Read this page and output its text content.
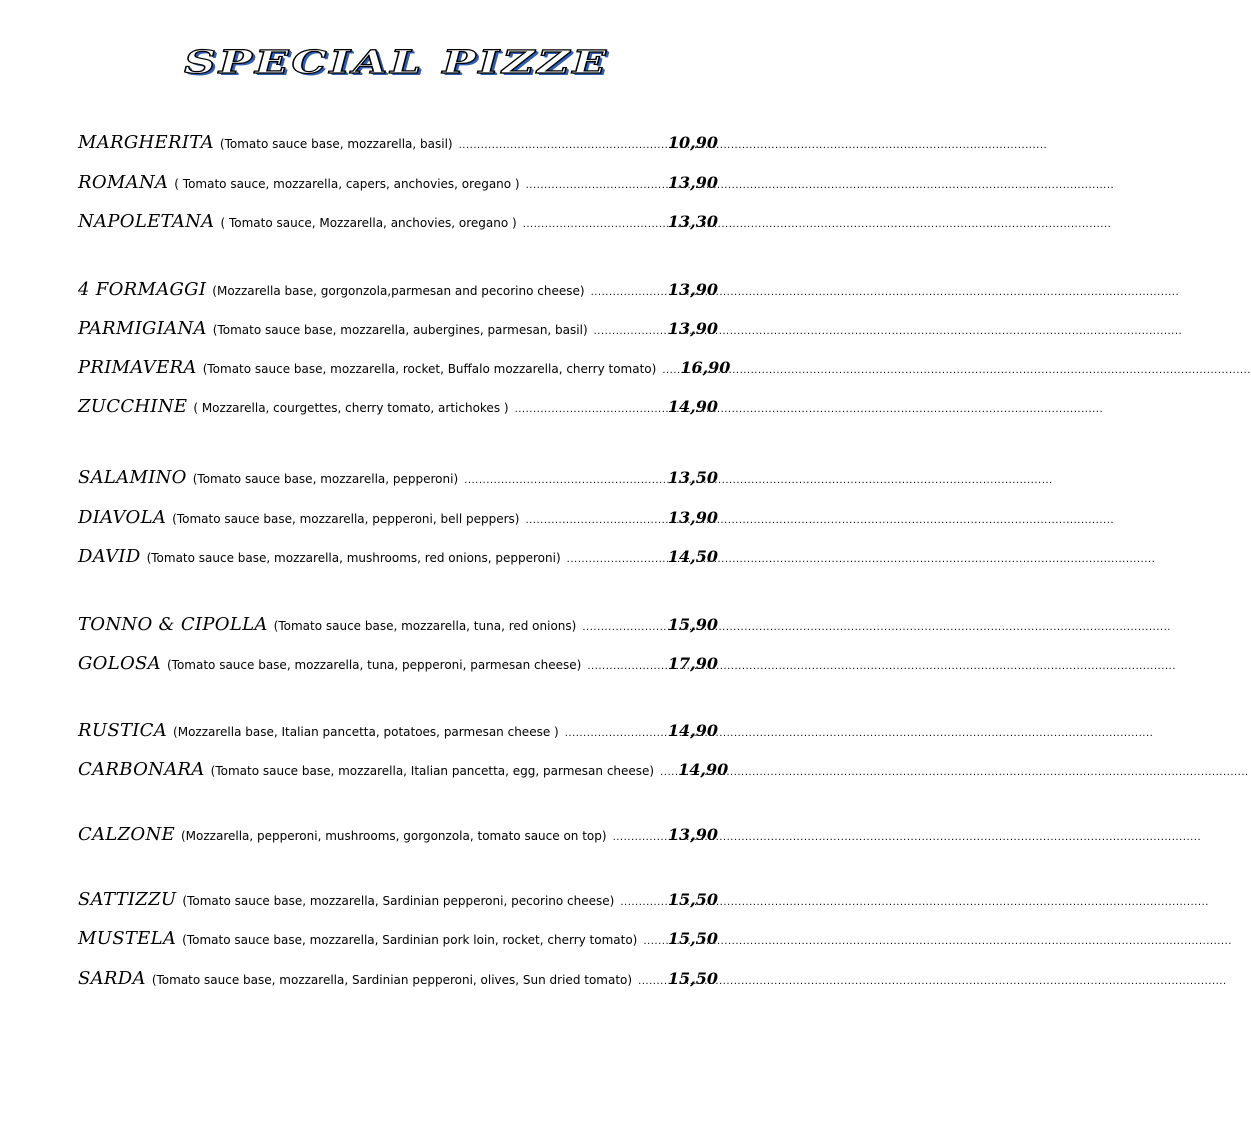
SPECIAL PIZZE
MARGHERITA (Tomato sauce base, mozzarella, basil) .....	10,90
ROMANA ( Tomato sauce, mozzarella, capers, anchovies, oregano ) .....	13,90
NAPOLETANA ( Tomato sauce, Mozzarella, anchovies, oregano ) .....	13,30
4 FORMAGGI (Mozzarella base, gorgonzola,parmesan and pecorino cheese) .....	13,90
PARMIGIANA (Tomato sauce base, mozzarella, aubergines, parmesan, basil) .....	13,90
PRIMAVERA (Tomato sauce base, mozzarella, rocket, Buffalo mozzarella, cherry tomato) ..... 16,90
ZUCCHINE ( Mozzarella, courgettes, cherry tomato, artichokes ) .....	14,90
SALAMINO (Tomato sauce base, mozzarella, pepperoni) .....	13,50
DIAVOLA (Tomato sauce base, mozzarella, pepperoni, bell peppers) .....	13,90
DAVID (Tomato sauce base, mozzarella, mushrooms, red onions, pepperoni) .....	14,50
TONNO & CIPOLLA (Tomato sauce base, mozzarella, tuna, red onions) .....	15,90
GOLOSA (Tomato sauce base, mozzarella, tuna, pepperoni, parmesan cheese) .....	17,90
RUSTICA (Mozzarella base, Italian pancetta, potatoes, parmesan cheese ) .....	14,90
CARBONARA (Tomato sauce base, mozzarella, Italian pancetta, egg, parmesan cheese) ..... 14,90
CALZONE (Mozzarella, pepperoni, mushrooms, gorgonzola, tomato sauce on top) .....	13,90
SATTIZZU (Tomato sauce base, mozzarella, Sardinian pepperoni, pecorino cheese) .....	15,50
MUSTELA (Tomato sauce base, mozzarella, Sardinian pork loin, rocket, cherry tomato) ..... 15,50
SARDA (Tomato sauce base, mozzarella, Sardinian pepperoni, olives, Sun dried tomato) ..... 15,50
